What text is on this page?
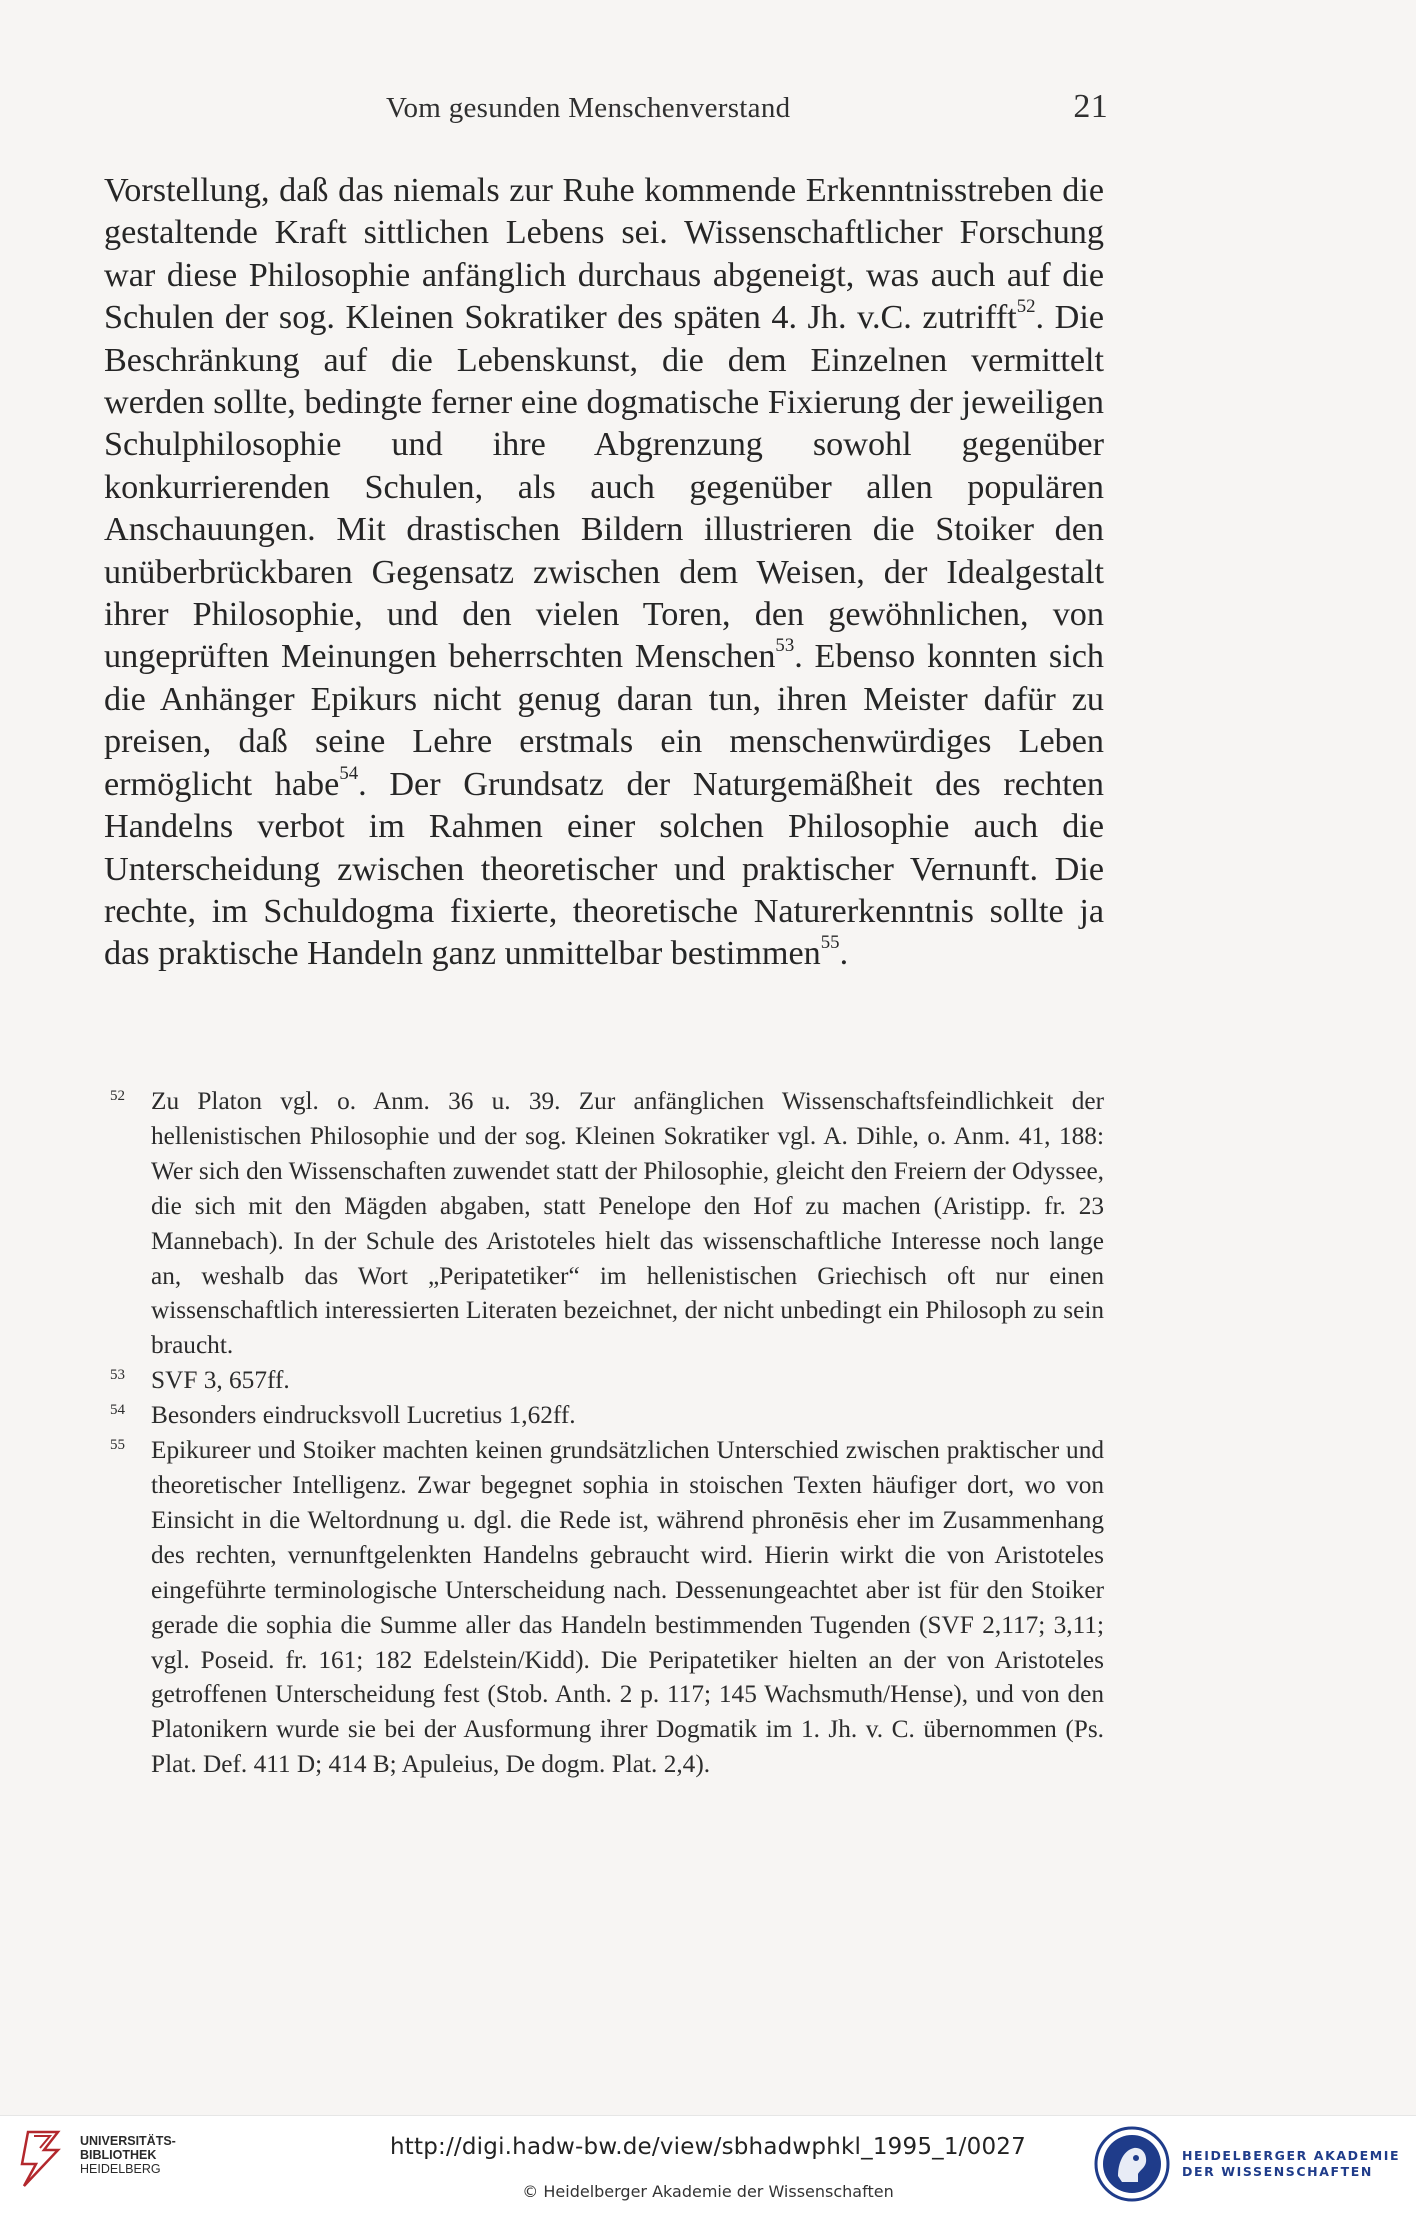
Vom gesunden Menschenverstand	21

Vorstellung, daß das niemals zur Ruhe kommende Erkenntnisstreben die gestaltende Kraft sittlichen Lebens sei. Wissenschaftlicher Forschung war diese Philosophie anfänglich durchaus abgeneigt, was auch auf die Schulen der sog. Kleinen Sokratiker des späten 4. Jh. v.C. zutrifft$^{52}$. Die Beschränkung auf die Lebenskunst, die dem Einzelnen vermittelt werden sollte, bedingte ferner eine dogmatische Fixierung der jeweiligen Schulphilosophie und ihre Abgrenzung sowohl gegenüber konkurrierenden Schulen, als auch gegenüber allen populären Anschauungen. Mit drastischen Bildern illustrieren die Stoiker den unüberbrückbaren Gegensatz zwischen dem Weisen, der Idealgestalt ihrer Philosophie, und den vielen Toren, den gewöhnlichen, von ungeprüften Meinungen beherrschten Menschen$^{53}$. Ebenso konnten sich die Anhänger Epikurs nicht genug daran tun, ihren Meister dafür zu preisen, daß seine Lehre erstmals ein menschenwürdiges Leben ermöglicht habe$^{54}$. Der Grundsatz der Naturgemäßheit des rechten Handelns verbot im Rahmen einer solchen Philosophie auch die Unterscheidung zwischen theoretischer und praktischer Vernunft. Die rechte, im Schuldogma fixierte, theoretische Naturerkenntnis sollte ja das praktische Handeln ganz unmittelbar bestimmen$^{55}$.

52 Zu Platon vgl. o. Anm. 36 u. 39. Zur anfänglichen Wissenschaftsfeindlichkeit der hellenistischen Philosophie und der sog. Kleinen Sokratiker vgl. A. Dihle, o. Anm. 41, 188: Wer sich den Wissenschaften zuwendet statt der Philosophie, gleicht den Freiern der Odyssee, die sich mit den Mägden abgaben, statt Penelope den Hof zu machen (Aristipp. fr. 23 Mannebach). In der Schule des Aristoteles hielt das wissenschaftliche Interesse noch lange an, weshalb das Wort „Peripatetiker“ im hellenistischen Griechisch oft nur einen wissenschaftlich interessierten Literaten bezeichnet, der nicht unbedingt ein Philosoph zu sein braucht.

53 SVF 3, 657ff.

54 Besonders eindrucksvoll Lucretius 1,62ff.

55 Epikureer und Stoiker machten keinen grundsätzlichen Unterschied zwischen praktischer und theoretischer Intelligenz. Zwar begegnet sophia in stoischen Texten häufiger dort, wo von Einsicht in die Weltordnung u. dgl. die Rede ist, während phronēsis eher im Zusammenhang des rechten, vernunftgelenkten Handelns gebraucht wird. Hierin wirkt die von Aristoteles eingeführte terminologische Unterscheidung nach. Dessenungeachtet aber ist für den Stoiker gerade die sophia die Summe aller das Handeln bestimmenden Tugenden (SVF 2,117; 3,11; vgl. Poseid. fr. 161; 182 Edelstein/Kidd). Die Peripatetiker hielten an der von Aristoteles getroffenen Unterscheidung fest (Stob. Anth. 2 p. 117; 145 Wachsmuth/Hense), und von den Platonikern wurde sie bei der Ausformung ihrer Dogmatik im 1. Jh. v. C. übernommen (Ps. Plat. Def. 411 D; 414 B; Apuleius, De dogm. Plat. 2,4).

UNIVERSITÄTS-
BIBLIOTHEK
HEIDELBERG
http://digi.hadw-bw.de/view/sbhadwphkl_1995_1/0027
© Heidelberger Akademie der Wissenschaften
HEIDELBERGER AKADEMIE
DER WISSENSCHAFTEN
